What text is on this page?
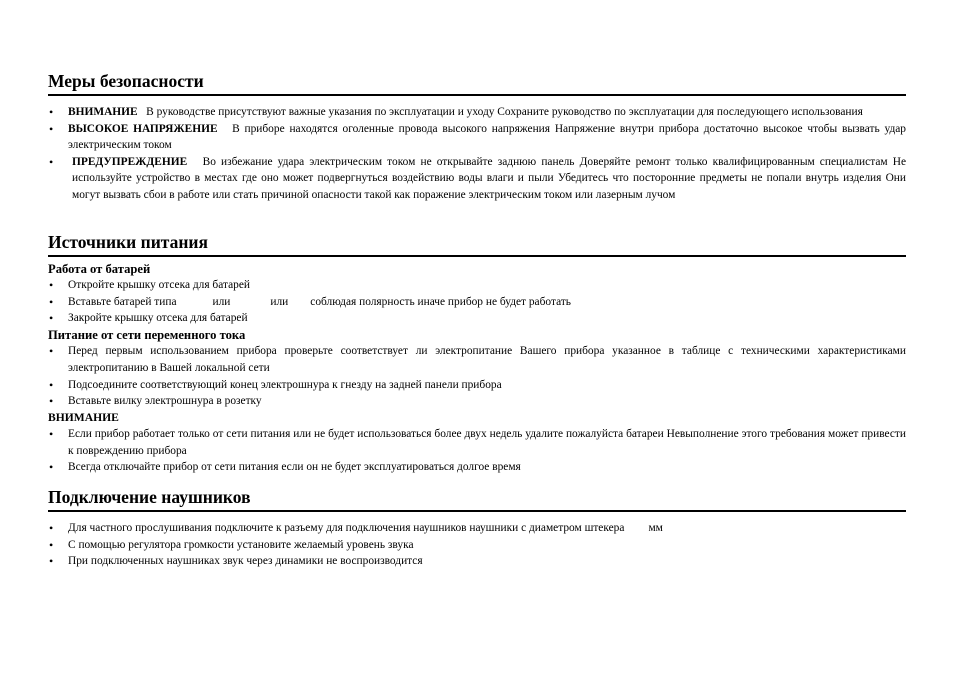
Меры безопасности
• ВНИМАНИЕ В руководстве присутствуют важные указания по эксплуатации и уходу Сохраните руководство по эксплуатации для последующего использования
• ВЫСОКОЕ НАПРЯЖЕНИЕ В приборе находятся оголенные провода высокого напряжения Напряжение внутри прибора достаточно высокое чтобы вызвать удар электрическим током
• ПРЕДУПРЕЖДЕНИЕ Во избежание удара электрическим током не открывайте заднюю панель Доверяйте ремонт только квалифицированным специалистам Не используйте устройство в местах где оно может подвергнуться воздействию воды влаги и пыли Убедитесь что посторонние предметы не попали внутрь изделия Они могут вызвать сбои в работе или стать причиной опасности такой как поражение электрическим током или лазерным лучом
Источники питания

Работа от батарей

• Откройте крышку отсека для батарей
• Вставьте батарей типа	или	или соблюдая полярность иначе прибор не будет работать
• Закройте крышку отсека для батарей

Питание от сети переменного тока

• Перед первым использованием прибора проверьте соответствует ли электропитание Вашего прибора указанное в таблице с техническими характеристиками электропитанию в Вашей локальной сети
• Подсоедините соответствующий конец электрошнура к гнезду на задней панели прибора
• Вставьте вилку электрошнура в розетку

ВНИМАНИЕ

• Если прибор работает только от сети питания или не будет использоваться более двух недель удалите пожалуйста батареи Невыполнение этого требования может привести к повреждению прибора
• Всегда отключайте прибор от сети питания если он не будет эксплуатироваться долгое время
Подключение наушников
• Для частного прослушивания подключите к разъему для подключения наушников наушники с диаметром штекера мм
• С помощью регулятора громкости установите желаемый уровень звука
• При подключенных наушниках звук через динамики не воспроизводится
